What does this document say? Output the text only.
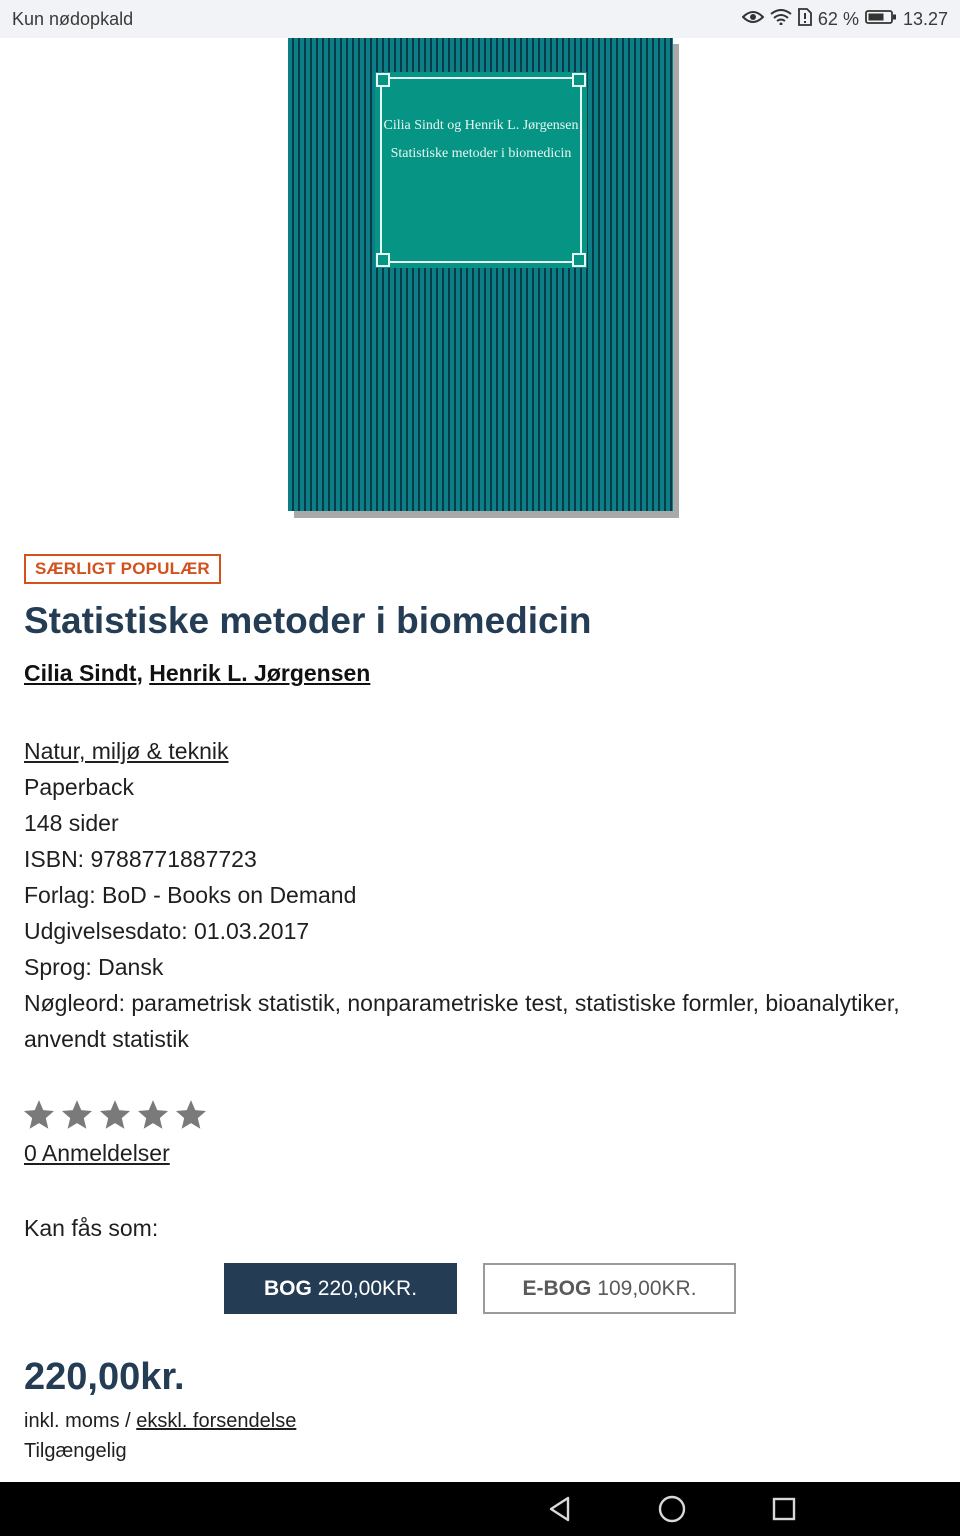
Kun nødopkald	62 % 13.27
Cilia Sindt og Henrik L. Jørgensen
Statistiske metoder i biomedicin
SÆRLIGT POPULÆR
Statistiske metoder i biomedicin
Cilia Sindt, Henrik L. Jørgensen
Natur, miljø & teknik
Paperback
148 sider
ISBN: 9788771887723
Forlag: BoD - Books on Demand
Udgivelsesdato: 01.03.2017
Sprog: Dansk
Nøgleord: parametrisk statistik, nonparametriske test, statistiske formler, bioanalytiker, anvendt statistik
0 Anmeldelser
Kan fås som:
BOG 220,00KR.	E-BOG 109,00KR.
220,00kr.
inkl. moms / ekskl. forsendelse
Tilgængelig
